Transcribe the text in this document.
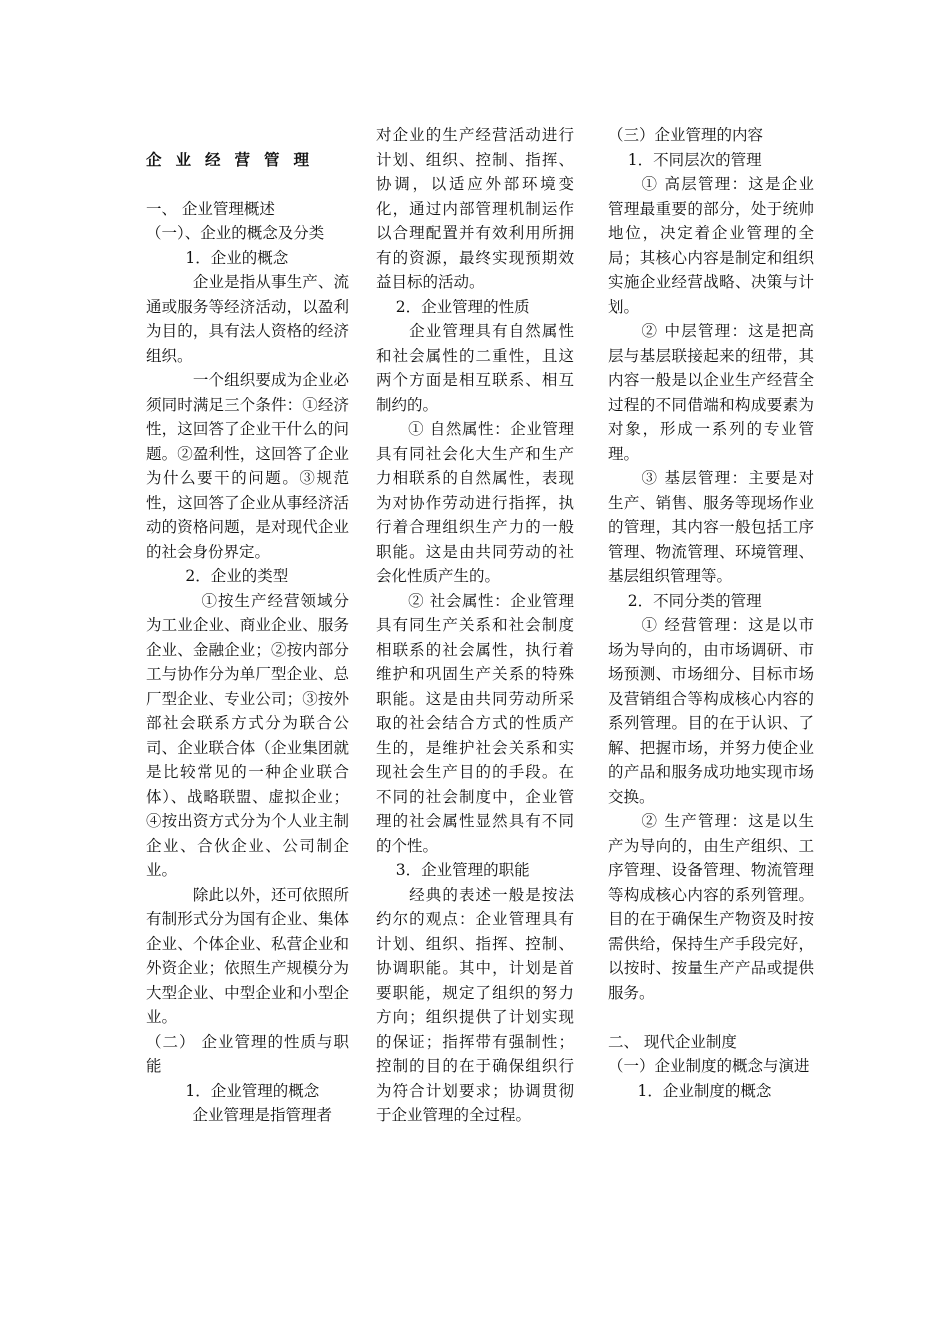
企业经营管理
一、 企业管理概述
（一）、企业的概念及分类
1．企业的概念
　　　企业是指从事生产、流通或服务等经济活动，以盈利为目的，具有法人资格的经济组织。
　　　一个组织要成为企业必须同时满足三个条件：①经济性，这回答了企业干什么的问题。②盈利性，这回答了企业为什么要干的问题。③规范性，这回答了企业从事经济活动的资格问题，是对现代企业的社会身份界定。
2．企业的类型
　　　 ①按生产经营领域分为工业企业、商业企业、服务企业、金融企业；②按内部分工与协作分为单厂型企业、总厂型企业、专业公司；③按外部社会联系方式分为联合公司、企业联合体（企业集团就是比较常见的一种企业联合体）、战略联盟、虚拟企业；④按出资方式分为个人业主制企业、合伙企业、公司制企业。
　　　除此以外，还可依照所有制形式分为国有企业、集体企业、个体企业、私营企业和外资企业；依照生产规模分为大型企业、中型企业和小型企业。
（二） 企业管理的性质与职能
1．企业管理的概念
　　　企业管理是指管理者
对企业的生产经营活动进行计划、组织、控制、指挥、协调，以适应外部环境变化，通过内部管理机制运作以合理配置并有效利用所拥有的资源，最终实现预期效益目标的活动。
2．企业管理的性质
　　企业管理具有自然属性和社会属性的二重性，且这两个方面是相互联系、相互制约的。
　　① 自然属性：企业管理具有同社会化大生产和生产力相联系的自然属性，表现为对协作劳动进行指挥，执行着合理组织生产力的一般职能。这是由共同劳动的社会化性质产生的。
　　② 社会属性：企业管理具有同生产关系和社会制度相联系的社会属性，执行着维护和巩固生产关系的特殊职能。这是由共同劳动所采取的社会结合方式的性质产生的，是维护社会关系和实现社会生产目的的手段。在不同的社会制度中，企业管理的社会属性显然具有不同的个性。
3．企业管理的职能
　　经典的表述一般是按法约尔的观点：企业管理具有计划、组织、指挥、控制、协调职能。其中，计划是首要职能，规定了组织的努力方向；组织提供了计划实现的保证；指挥带有强制性；控制的目的在于确保组织行为符合计划要求；协调贯彻于企业管理的全过程。
（三）企业管理的内容
1．不同层次的管理
　　① 高层管理：这是企业管理最重要的部分，处于统帅地位，决定着企业管理的全局；其核心内容是制定和组织实施企业经营战略、决策与计划。
　　② 中层管理：这是把高层与基层联接起来的纽带，其内容一般是以企业生产经营全过程的不同借端和构成要素为对象，形成一系列的专业管理。
　　③ 基层管理：主要是对生产、销售、服务等现场作业的管理，其内容一般包括工序管理、物流管理、环境管理、基层组织管理等。
2．不同分类的管理
　　① 经营管理：这是以市场为导向的，由市场调研、市场预测、市场细分、目标市场及营销组合等构成核心内容的系列管理。目的在于认识、了解、把握市场，并努力使企业的产品和服务成功地实现市场交换。
　　② 生产管理：这是以生产为导向的，由生产组织、工序管理、设备管理、物流管理等构成核心内容的系列管理。目的在于确保生产物资及时按需供给，保持生产手段完好，以按时、按量生产产品或提供服务。
二、 现代企业制度
（一）企业制度的概念与演进
1．企业制度的概念
